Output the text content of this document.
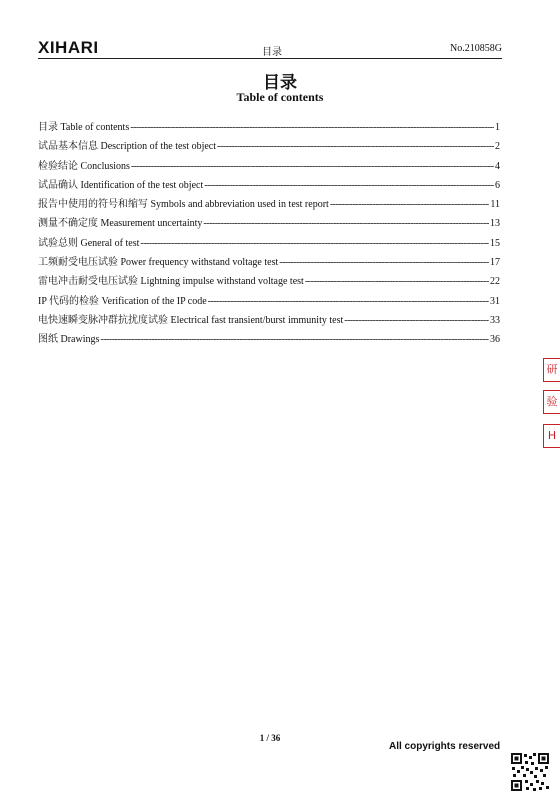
XIHARI	目录	No.210858G
目录
Table of contents
目录 Table of contents -----	1
试品基本信息 Description of the test object -----	2
检验结论 Conclusions -----	4
试品确认 Identification of the test object -----	6
报告中使用的符号和缩写 Symbols and abbreviation used in test report -----	11
测量不确定度 Measurement uncertainty -----	13
试验总则 General of test -----	15
工频耐受电压试验 Power frequency withstand voltage test -----	17
雷电冲击耐受电压试验 Lightning impulse withstand voltage test -----	22
IP 代码的检验 Verification of the IP code -----	31
电快速瞬变脉冲群抗扰度试验 Electrical fast transient/burst immunity test -----	33
图纸 Drawings -----	36
研
验
H
1 / 36
All copyrights reserved
